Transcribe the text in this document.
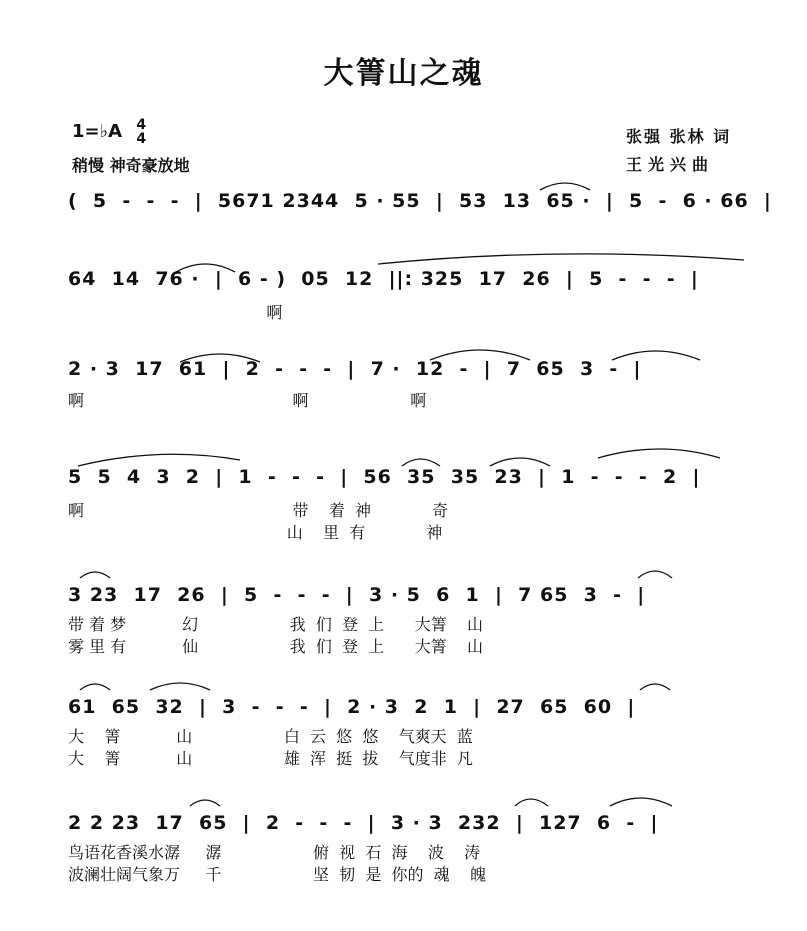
大箐山之魂
1=♭A 4
4
稍慢 神奇豪放地
张强 张林 词
王光兴曲
(  5  -  -  -  |  5671 2344  5 · 55  |  53  13  65 ·  |  5  -  6 · 66  |
64  14  76 ·  |  6 - )  05  12  ||: 325  17  26  |  5  -  -  -  |
啊
2 · 3  17  61  |  2  -  -  -  |  7 ·  12  -  |  7  65  3  -  |
啊                                         啊                    啊
5  5  4  3  2  |  1  -  -  -  |  56  35  35  23  |  1  -  -  -  2  |
啊                                         带    着  神            奇
山    里  有            神
3 23  17  26  |  5  -  -  -  |  3 · 5  6  1  |  7 65  3  -  |
带 着 梦           幻                  我  们  登  上      大箐    山
雾 里 有           仙                  我  们  登  上      大箐    山
61  65  32  |  3  -  -  -  |  2 · 3  2  1  |  27  65  60  |
大    箐           山                  白  云  悠  悠    气爽天  蓝
大    箐           山                  雄  浑  挺  拔    气度非  凡
2 2 23  17  65  |  2  -  -  -  |  3 · 3  232  |  127  6  -  |
鸟语花香溪水潺     潺                  俯  视  石  海    波    涛
波澜壮阔气象万     千                  坚  韧  是  你的  魂    魄
